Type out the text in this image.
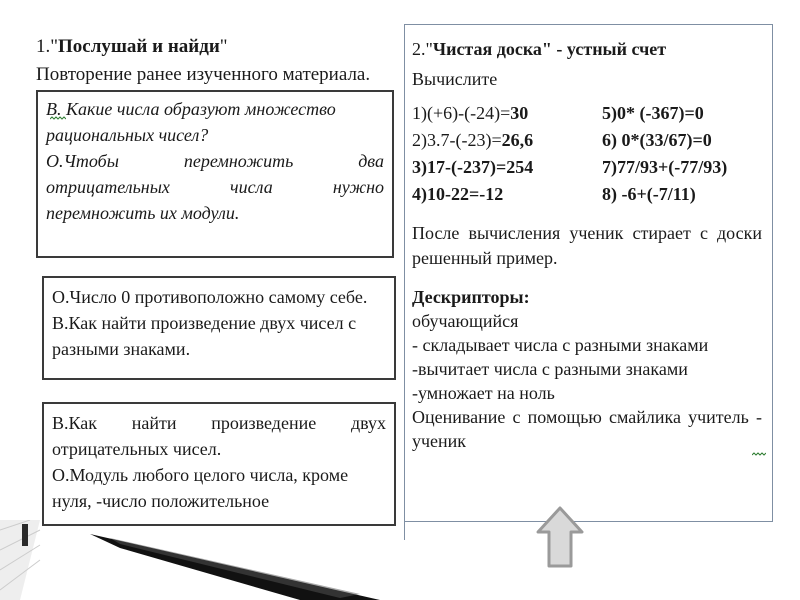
1."Послушай и найди"
Повторение ранее изученного материала.
В. Какие числа образуют множество
рациональных чисел?
О.Чтобы перемножить два
отрицательных числа нужно
перемножить их модули.
О.Число 0 противоположно самому себе.
В.Как найти произведение двух чисел с
разными знаками.
В.Как найти произведение двух
отрицательных чисел.
О.Модуль любого целого числа, кроме
нуля, -число положительное
2."Чистая доска" - устный счет
Вычислите
1)(+6)-(-24)=30
2)3.7-(-23)=26,6
3)17-(-237)=254
4)10-22=-12
5)0* (-367)=0
6) 0*(33/67)=0
7)77/93+(-77/93)
8) -6+(-7/11)
После вычисления ученик стирает с доски
решенный пример.
Дескрипторы:
обучающийся
- складывает числа с разными знаками
-вычитает числа с разными знаками
-умножает на ноль
Оценивание с помощью смайлика учитель -
ученик
